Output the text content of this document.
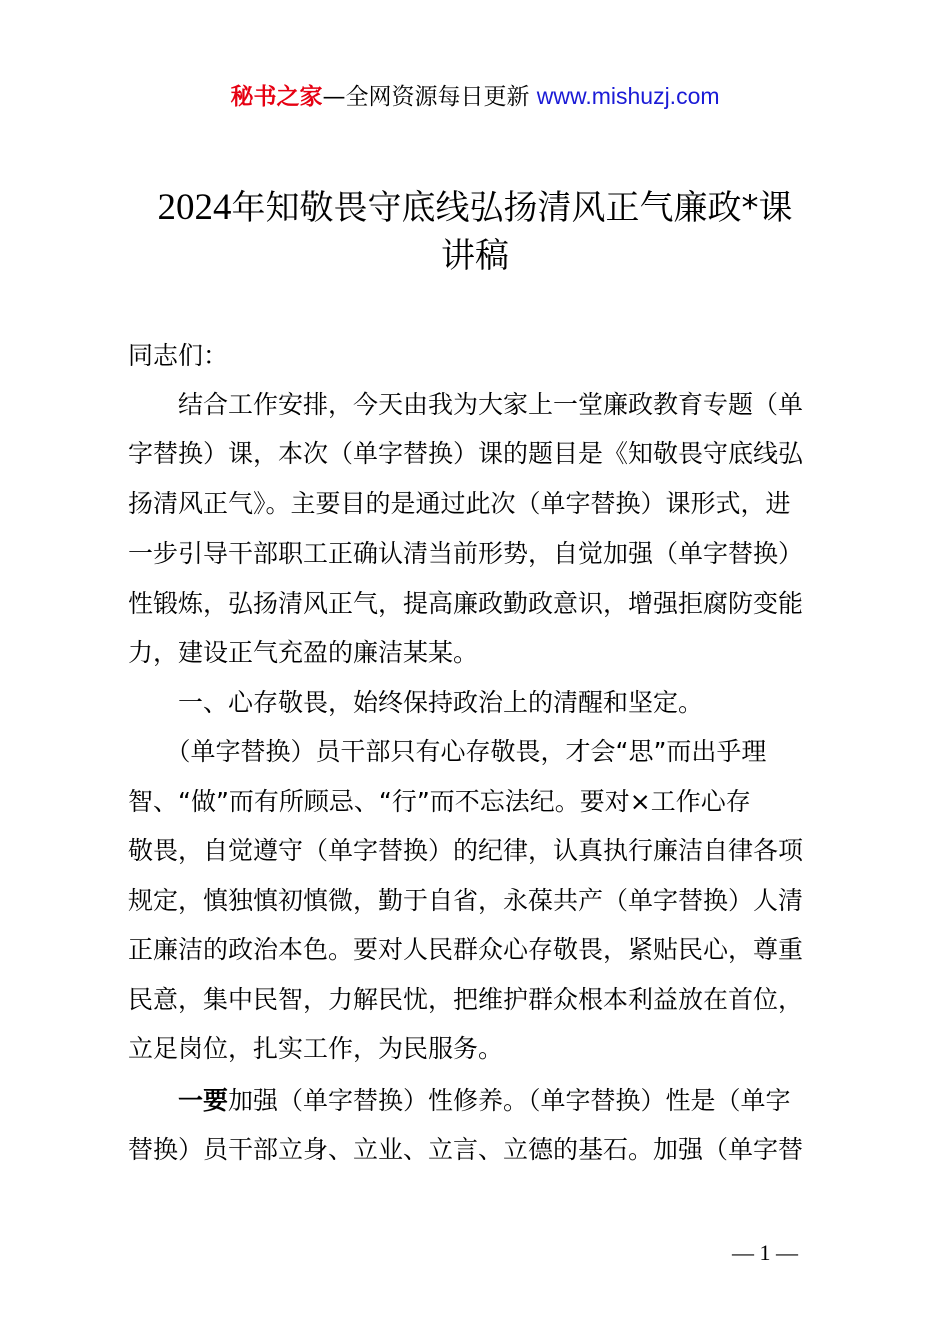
秘书之家—全网资源每日更新 www.mishuzj.com
2024年知敬畏守底线弘扬清风正气廉政*课
讲稿
同志们：
　　结合工作安排，今天由我为大家上一堂廉政教育专题（单
字替换）课，本次（单字替换）课的题目是《知敬畏守底线弘
扬清风正气》。主要目的是通过此次（单字替换）课形式，进
一步引导干部职工正确认清当前形势，自觉加强（单字替换）
性锻炼，弘扬清风正气，提高廉政勤政意识，增强拒腐防变能
力，建设正气充盈的廉洁某某。
　　一、心存敬畏，始终保持政治上的清醒和坚定。
　　（单字替换）员干部只有心存敬畏，才会“思”而出乎理
智、“做”而有所顾忌、“行”而不忘法纪。要对×工作心存
敬畏，自觉遵守（单字替换）的纪律，认真执行廉洁自律各项
规定，慎独慎初慎微，勤于自省，永葆共产（单字替换）人清
正廉洁的政治本色。要对人民群众心存敬畏，紧贴民心，尊重
民意，集中民智，力解民忧，把维护群众根本利益放在首位，
立足岗位，扎实工作，为民服务。
　　一要加强（单字替换）性修养。（单字替换）性是（单字
替换）员干部立身、立业、立言、立德的基石。加强（单字替
— 1 —
